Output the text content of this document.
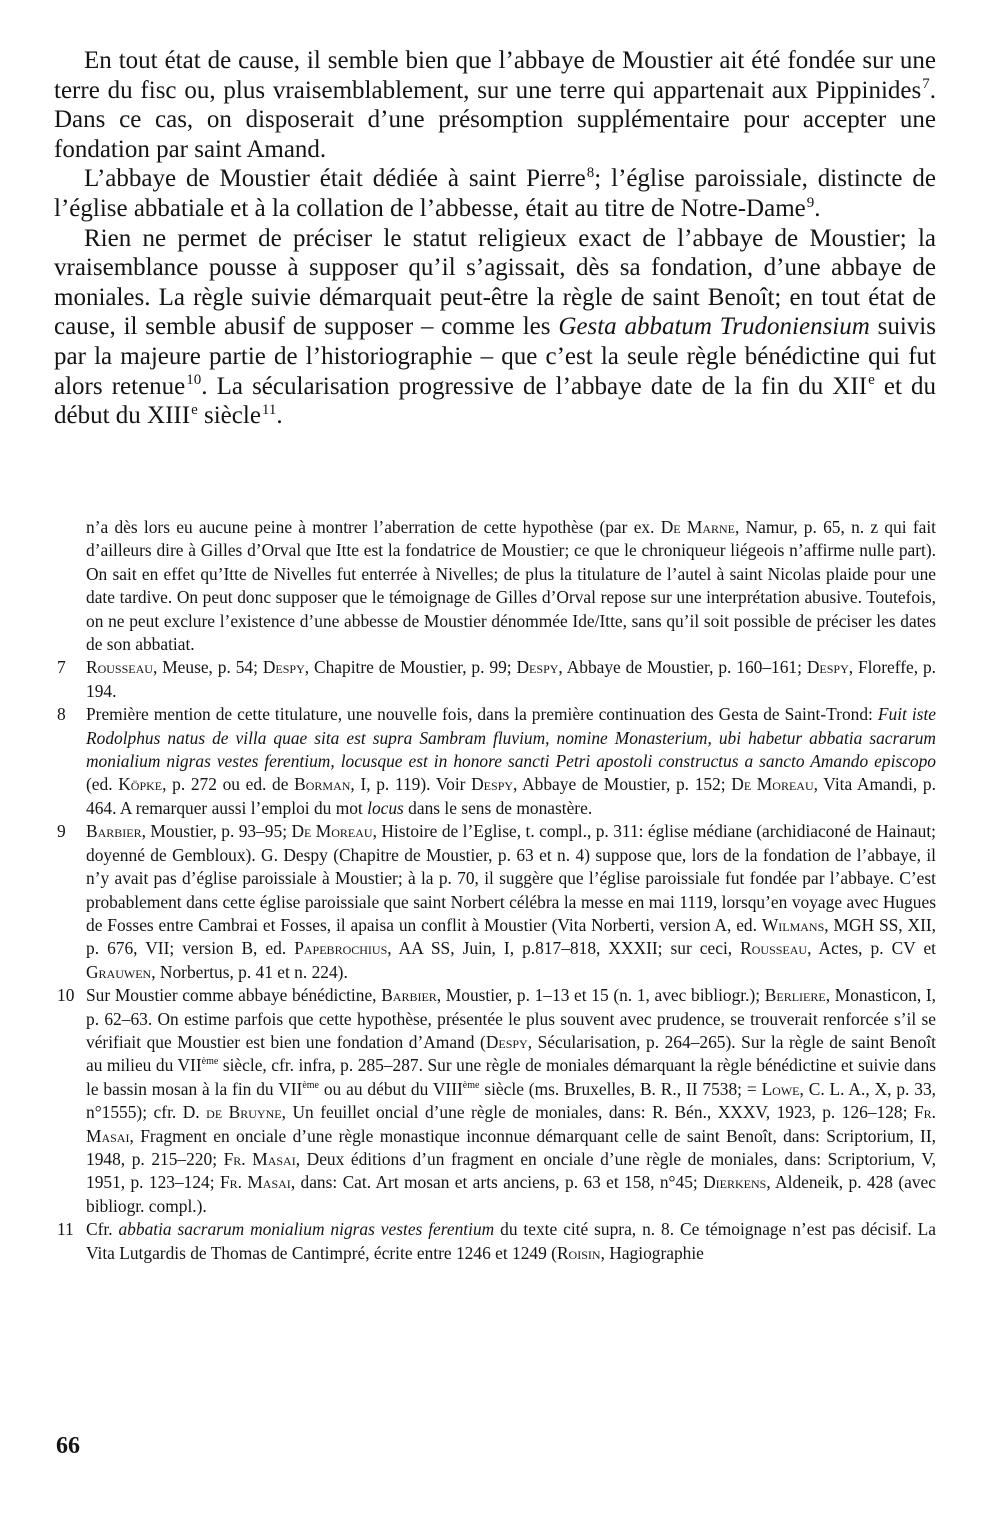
En tout état de cause, il semble bien que l’abbaye de Moustier ait été fondée sur une terre du fisc ou, plus vraisemblablement, sur une terre qui appartenait aux Pippinides$^7$. Dans ce cas, on disposerait d’une présomption supplémentaire pour accepter une fondation par saint Amand.

L’abbaye de Moustier était dédiée à saint Pierre$^8$; l’église paroissiale, distincte de l’église abbatiale et à la collation de l’abbesse, était au titre de Notre-Dame$^9$.

Rien ne permet de préciser le statut religieux exact de l’abbaye de Moustier; la vraisemblance pousse à supposer qu’il s’agissait, dès sa fondation, d’une abbaye de moniales. La règle suivie démarquait peut-être la règle de saint Benoît; en tout état de cause, il semble abusif de supposer – comme les Gesta abbatum Trudoniensium suivis par la majeure partie de l’historiographie – que c’est la seule règle bénédictine qui fut alors retenue$^{10}$. La sécularisation progressive de l’abbaye date de la fin du XIIe et du début du XIIIe siècle$^{11}$.

n’a dès lors eu aucune peine à montrer l’aberration de cette hypothèse (par ex. De Marne, Namur, p. 65, n. z qui fait d’ailleurs dire à Gilles d’Orval que Itte est la fondatrice de Moustier; ce que le chroniqueur liégeois n’affirme nulle part). On sait en effet qu’Itte de Nivelles fut enterrée à Nivelles; de plus la titulature de l’autel à saint Nicolas plaide pour une date tardive. On peut donc supposer que le témoignage de Gilles d’Orval repose sur une interprétation abusive. Toutefois, on ne peut exclure l’existence d’une abbesse de Moustier dénommée Ide/Itte, sans qu’il soit possible de préciser les dates de son abbatiat.

7	Rousseau, Meuse, p. 54; Despy, Chapitre de Moustier, p. 99; Despy, Abbaye de Moustier, p. 160–161; Despy, Floreffe, p. 194.
8	Première mention de cette titulature, une nouvelle fois, dans la première continuation des Gesta de Saint-Trond: Fuit iste Rodolphus natus de villa quae sita est supra Sambram fluvium, nomine Monasterium, ubi habetur abbatia sacrarum monialium nigras vestes ferentium, locusque est in honore sancti Petri apostoli constructus a sancto Amando episcopo (ed. Köpke, p. 272 ou ed. de Borman, I, p. 119). Voir Despy, Abbaye de Moustier, p. 152; De Moreau, Vita Amandi, p. 464. A remarquer aussi l’emploi du mot locus dans le sens de monastère.
9	Barbier, Moustier, p. 93–95; De Moreau, Histoire de l’Eglise, t. compl., p. 311: église médiane (archidiaconé de Hainaut; doyenné de Gembloux). G. Despy (Chapitre de Moustier, p. 63 et n. 4) suppose que, lors de la fondation de l’abbaye, il n’y avait pas d’église paroissiale à Moustier; à la p. 70, il suggère que l’église paroissiale fut fondée par l’abbaye. C’est probablement dans cette église paroissiale que saint Norbert célébra la messe en mai 1119, lorsqu’en voyage avec Hugues de Fosses entre Cambrai et Fosses, il apaisa un conflit à Moustier (Vita Norberti, version A, ed. Wilmans, MGH SS, XII, p. 676, VII; version B, ed. Papebrochius, AA SS, Juin, I, p.817–818, XXXII; sur ceci, Rousseau, Actes, p. CV et Grauwen, Norbertus, p. 41 et n. 224).
10 Sur Moustier comme abbaye bénédictine, Barbier, Moustier, p. 1–13 et 15 (n. 1, avec bibliogr.); Berliere, Monasticon, I, p. 62–63. On estime parfois que cette hypothèse, présentée le plus souvent avec prudence, se trouverait renforcée s’il se vérifiait que Moustier est bien une fondation d’Amand (Despy, Sécularisation, p. 264–265). Sur la règle de saint Benoît au milieu du VIIème siècle, cfr. infra, p. 285–287. Sur une règle de moniales démarquant la règle bénédictine et suivie dans le bassin mosan à la fin du VIIème ou au début du VIIIème siècle (ms. Bruxelles, B. R., II 7538; = Lowe, C. L. A., X, p. 33, n°1555); cfr. D. de Bruyne, Un feuillet oncial d’une règle de moniales, dans: R. Bén., XXXV, 1923, p. 126–128; Fr. Masai, Fragment en onciale d’une règle monastique inconnue démarquant celle de saint Benoît, dans: Scriptorium, II, 1948, p. 215–220; Fr. Masai, Deux éditions d’un fragment en onciale d’une règle de moniales, dans: Scriptorium, V, 1951, p. 123–124; Fr. Masai, dans: Cat. Art mosan et arts anciens, p. 63 et 158, n°45; Dierkens, Aldeneik, p. 428 (avec bibliogr. compl.).
11 Cfr. abbatia sacrarum monialium nigras vestes ferentium du texte cité supra, n. 8. Ce témoignage n’est pas décisif. La Vita Lutgardis de Thomas de Cantimpré, écrite entre 1246 et 1249 (Roisin, Hagiographie
66
